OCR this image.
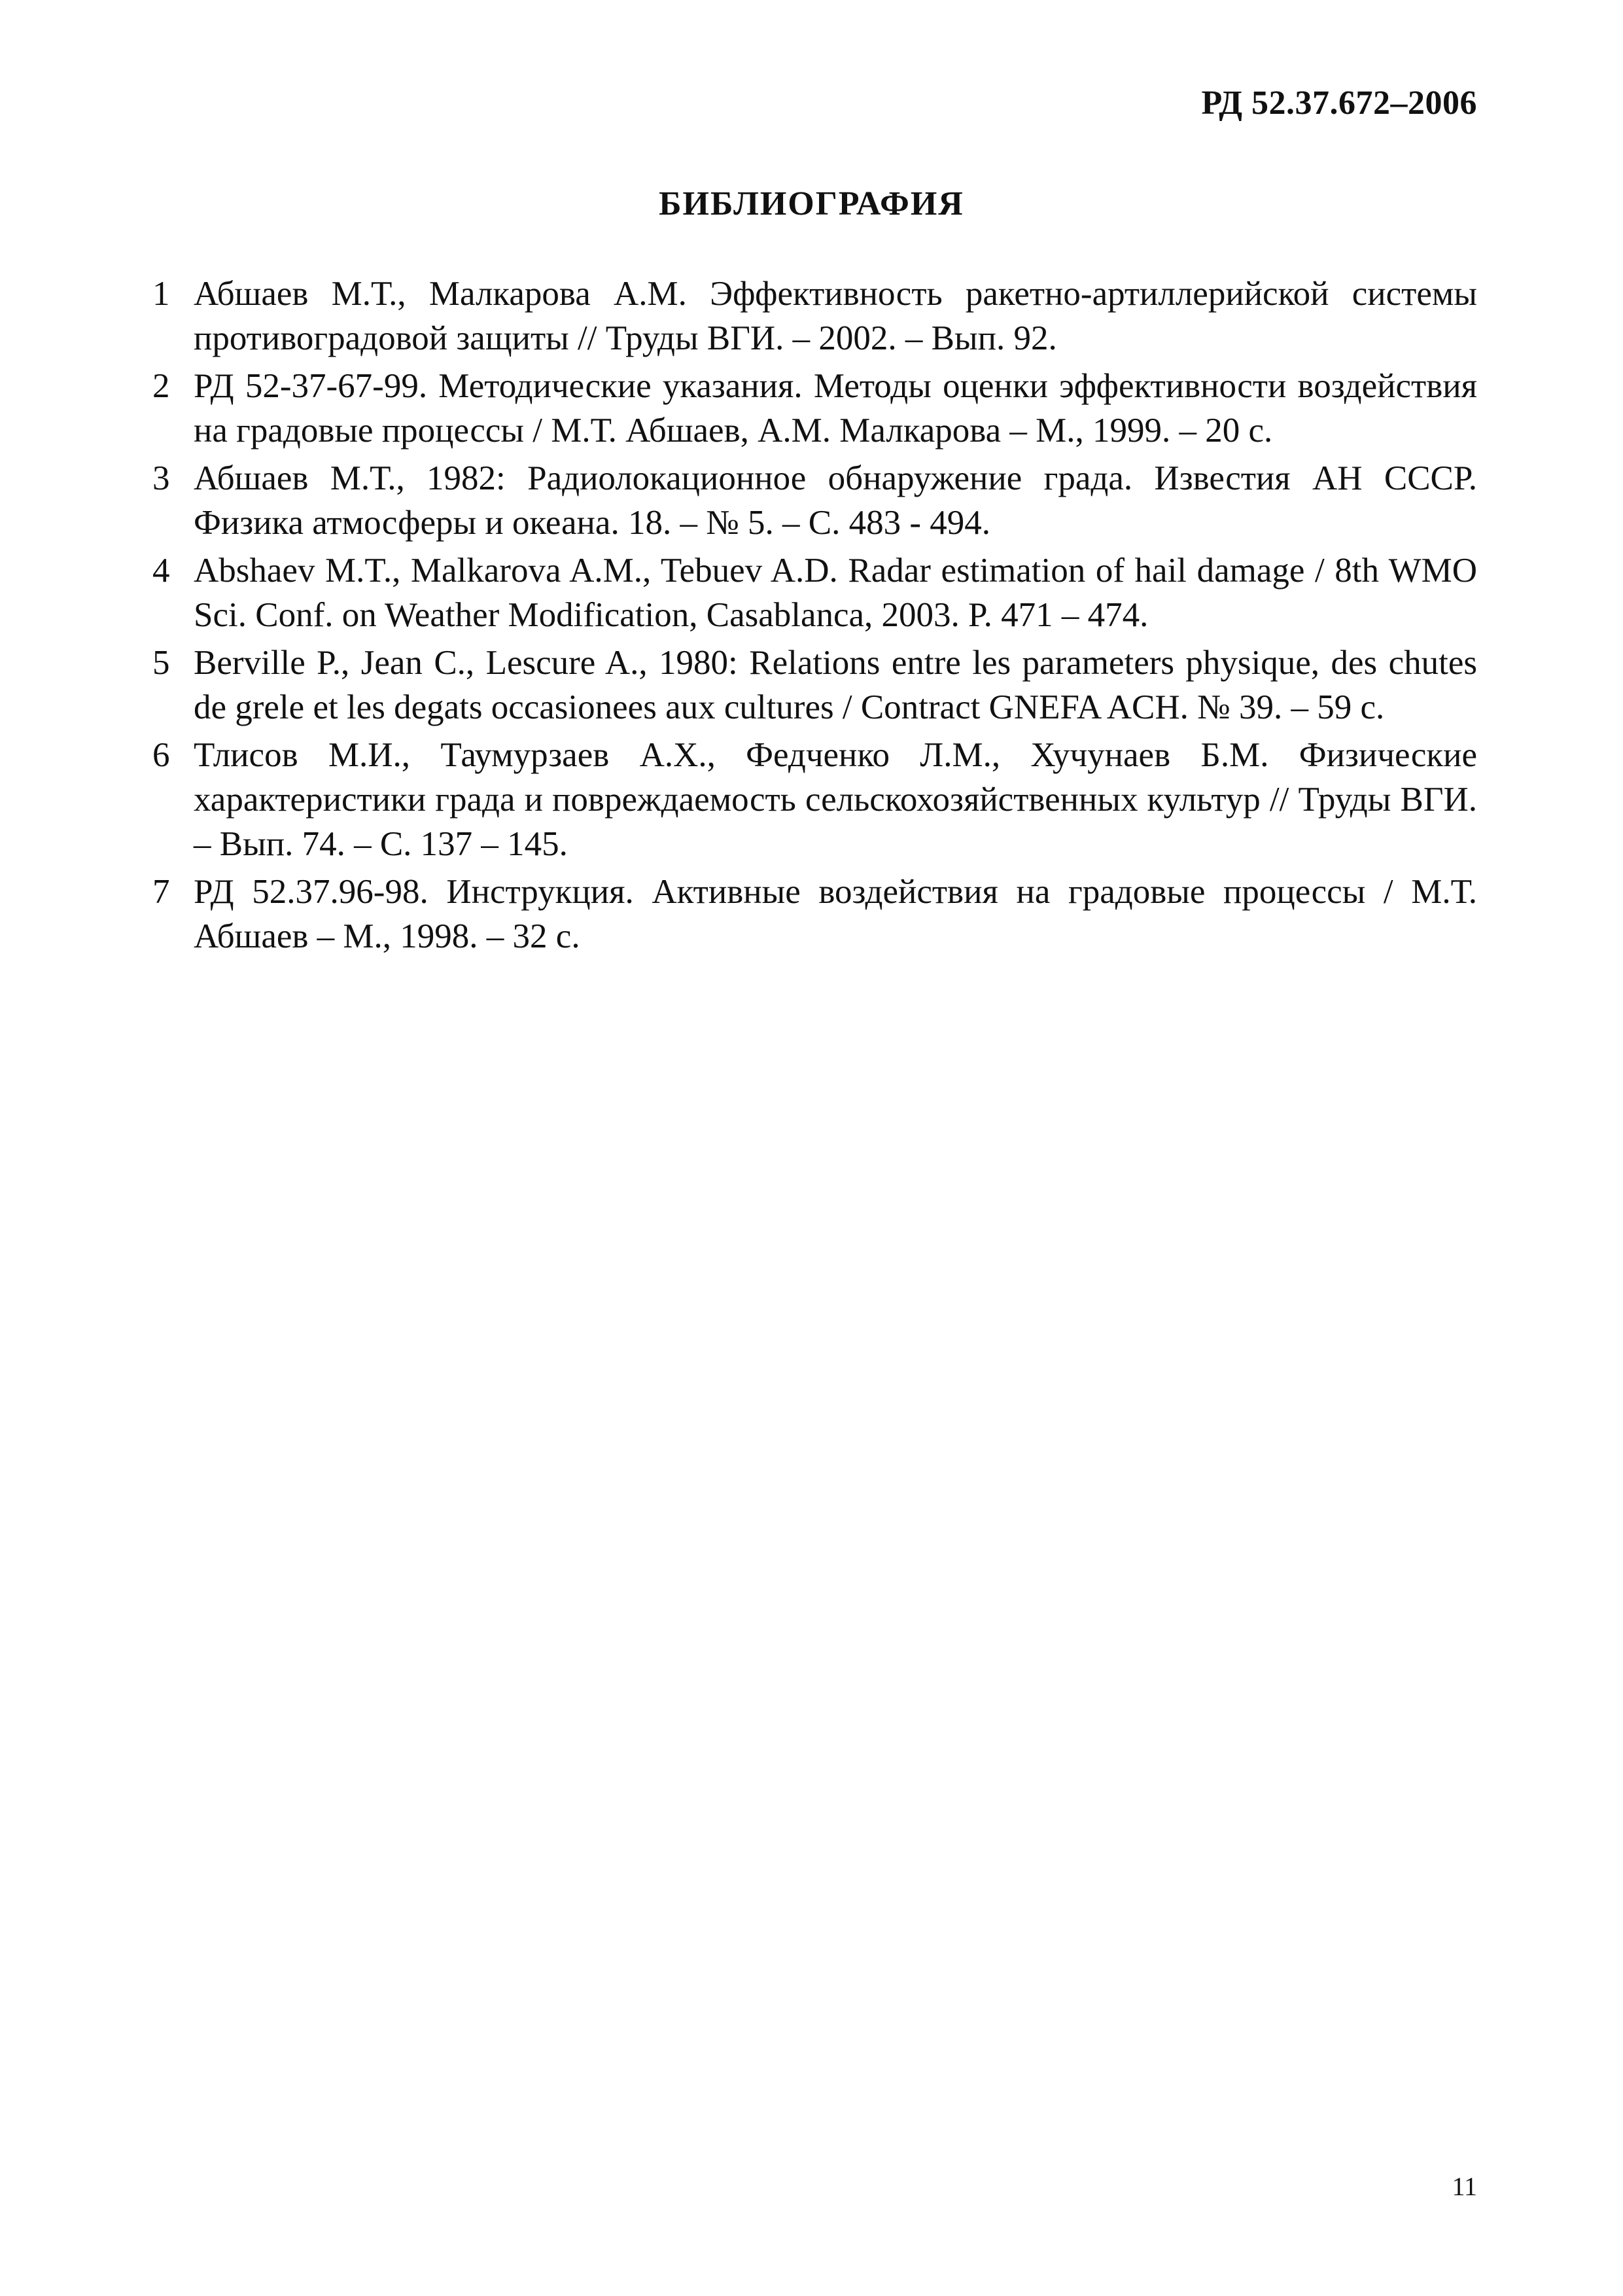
РД 52.37.672–2006
БИБЛИОГРАФИЯ
1 Абшаев М.Т., Малкарова А.М. Эффективность ракетно-артиллерийской системы противоградовой защиты // Труды ВГИ. – 2002. – Вып. 92.
2 РД 52-37-67-99. Методические указания. Методы оценки эффективности воздействия на градовые процессы / М.Т. Абшаев, А.М. Малкарова – М., 1999. – 20 с.
3 Абшаев М.Т., 1982: Радиолокационное обнаружение града. Известия АН СССР. Физика атмосферы и океана. 18. – № 5. – С. 483 - 494.
4 Abshaev M.T., Malkarova A.M., Tebuev A.D. Radar estimation of hail damage / 8th WMO Sci. Conf. on Weather Modification, Casablanca, 2003. P. 471 – 474.
5 Berville P., Jean C., Lescure A., 1980: Relations entre les parameters physique, des chutes de grele et les degats occasionees aux cultures / Contract GNEFA ACH. № 39. – 59 c.
6 Тлисов М.И., Таумурзаев А.Х., Федченко Л.М., Хучунаев Б.М. Физические характеристики града и повреждаемость сельскохозяйственных культур // Труды ВГИ. – Вып. 74. – С. 137 – 145.
7 РД 52.37.96-98. Инструкция. Активные воздействия на градовые процессы / М.Т. Абшаев – М., 1998. – 32 с.
11
